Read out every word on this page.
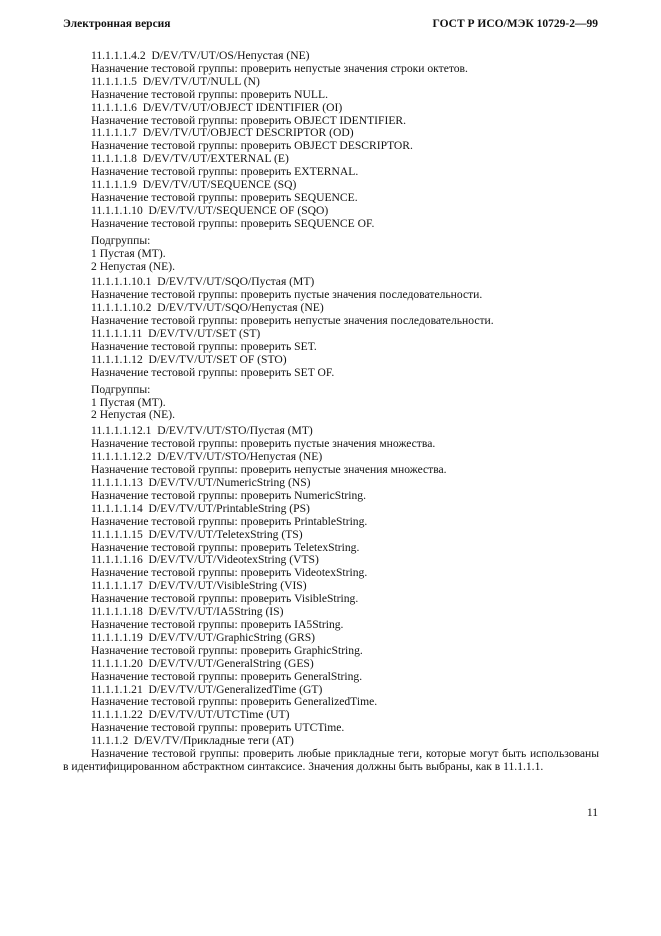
Электронная версия	ГОСТ Р ИСО/МЭК 10729-2—99
11.1.1.1.4.2 D/EV/TV/UT/OS/Непустая (NE)
Назначение тестовой группы: проверить непустые значения строки октетов.
11.1.1.1.5 D/EV/TV/UT/NULL (N)
Назначение тестовой группы: проверить NULL.
11.1.1.1.6 D/EV/TV/UT/OBJECT IDENTIFIER (OI)
Назначение тестовой группы: проверить OBJECT IDENTIFIER.
11.1.1.1.7 D/EV/TV/UT/OBJECT DESCRIPTOR (OD)
Назначение тестовой группы: проверить OBJECT DESCRIPTOR.
11.1.1.1.8 D/EV/TV/UT/EXTERNAL (E)
Назначение тестовой группы: проверить EXTERNAL.
11.1.1.1.9 D/EV/TV/UT/SEQUENCE (SQ)
Назначение тестовой группы: проверить SEQUENCE.
11.1.1.1.10 D/EV/TV/UT/SEQUENCE OF (SQO)
Назначение тестовой группы: проверить SEQUENCE OF.
Подгруппы:
1 Пустая (MT).
2 Непустая (NE).
11.1.1.1.10.1 D/EV/TV/UT/SQO/Пустая (MT)
Назначение тестовой группы: проверить пустые значения последовательности.
11.1.1.1.10.2 D/EV/TV/UT/SQO/Непустая (NE)
Назначение тестовой группы: проверить непустые значения последовательности.
11.1.1.1.11 D/EV/TV/UT/SET (ST)
Назначение тестовой группы: проверить SET.
11.1.1.1.12 D/EV/TV/UT/SET OF (STO)
Назначение тестовой группы: проверить SET OF.
Подгруппы:
1 Пустая (MT).
2 Непустая (NE).
11.1.1.1.12.1 D/EV/TV/UT/STO/Пустая (MT)
Назначение тестовой группы: проверить пустые значения множества.
11.1.1.1.12.2 D/EV/TV/UT/STO/Непустая (NE)
Назначение тестовой группы: проверить непустые значения множества.
11.1.1.1.13 D/EV/TV/UT/NumericString (NS)
Назначение тестовой группы: проверить NumericString.
11.1.1.1.14 D/EV/TV/UT/PrintableString (PS)
Назначение тестовой группы: проверить PrintableString.
11.1.1.1.15 D/EV/TV/UT/TeletexString (TS)
Назначение тестовой группы: проверить TeletexString.
11.1.1.1.16 D/EV/TV/UT/VideotexString (VTS)
Назначение тестовой группы: проверить VideotexString.
11.1.1.1.17 D/EV/TV/UT/VisibleString (VIS)
Назначение тестовой группы: проверить VisibleString.
11.1.1.1.18 D/EV/TV/UT/IA5String (IS)
Назначение тестовой группы: проверить IA5String.
11.1.1.1.19 D/EV/TV/UT/GraphicString (GRS)
Назначение тестовой группы: проверить GraphicString.
11.1.1.1.20 D/EV/TV/UT/GeneralString (GES)
Назначение тестовой группы: проверить GeneralString.
11.1.1.1.21 D/EV/TV/UT/GeneralizedTime (GT)
Назначение тестовой группы: проверить GeneralizedTime.
11.1.1.1.22 D/EV/TV/UT/UTCTime (UT)
Назначение тестовой группы: проверить UTCTime.
11.1.1.2 D/EV/TV/Прикладные теги (AT)
Назначение тестовой группы: проверить любые прикладные теги, которые могут быть использованы в идентифицированном абстрактном синтаксисе. Значения должны быть выбраны, как в 11.1.1.1.
11
